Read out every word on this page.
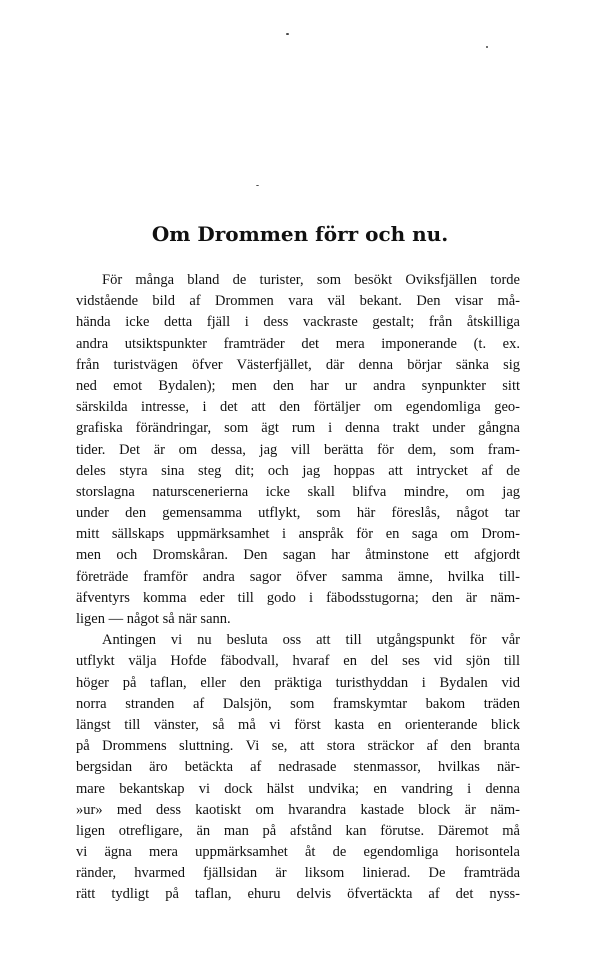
Om Drommen förr och nu.
För många bland de turister, som besökt Oviksfjällen torde
vidstående bild af Drommen vara väl bekant. Den visar må-
hända icke detta fjäll i dess vackraste gestalt; från åtskilliga
andra utsiktspunkter framträder det mera imponerande (t. ex.
från turistvägen öfver Västerfjället, där denna börjar sänka sig
ned emot Bydalen); men den har ur andra synpunkter sitt
särskilda intresse, i det att den förtäljer om egendomliga geo-
grafiska förändringar, som ägt rum i denna trakt under gångna
tider. Det är om dessa, jag vill berätta för dem, som fram-
deles styra sina steg dit; och jag hoppas att intrycket af de
storslagna naturscenerierna icke skall blifva mindre, om jag
under den gemensamma utflykt, som här föreslås, något tar
mitt sällskaps uppmärksamhet i anspråk för en saga om Drom-
men och Dromskåran. Den sagan har åtminstone ett afgjordt
företräde framför andra sagor öfver samma ämne, hvilka till-
äfventyrs komma eder till godo i fäbodsstugorna; den är näm-
ligen — något så när sann.
Antingen vi nu besluta oss att till utgångspunkt för vår
utflykt välja Hofde fäbodvall, hvaraf en del ses vid sjön till
höger på taflan, eller den präktiga turisthyddan i Bydalen vid
norra stranden af Dalsjön, som framskymtar bakom träden
längst till vänster, så må vi först kasta en orienterande blick
på Drommens sluttning. Vi se, att stora sträckor af den branta
bergsidan äro betäckta af nedrasade stenmassor, hvilkas när-
mare bekantskap vi dock hälst undvika; en vandring i denna
»ur» med dess kaotiskt om hvarandra kastade block är näm-
ligen otrefligare, än man på afstånd kan förutse. Däremot må
vi ägna mera uppmärksamhet åt de egendomliga horisontela
ränder, hvarmed fjällsidan är liksom linierad. De framträda
rätt tydligt på taflan, ehuru delvis öfvertäckta af det nyss-
